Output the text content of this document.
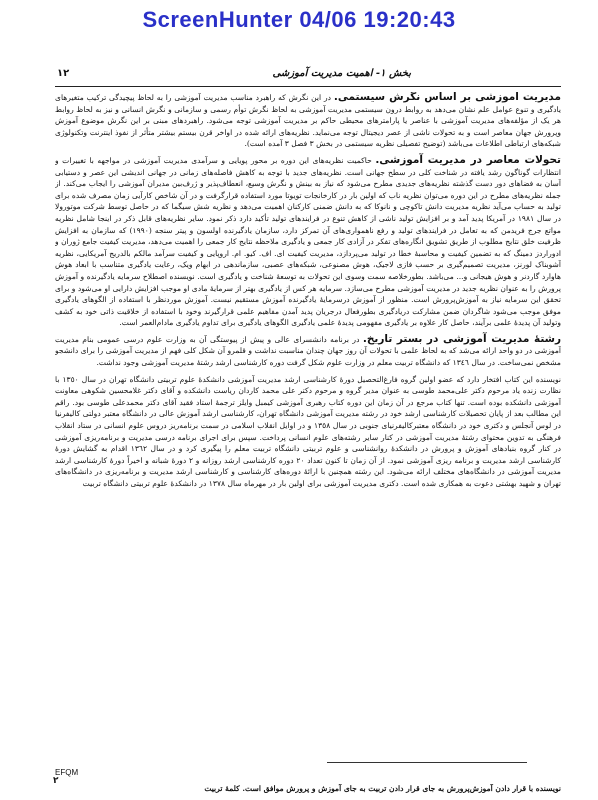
ScreenHunter 04/06 19:20:43
١٢	بخش ١- اهمیت مدیریت آموزشی

مدیریت آموزشی بر اساس نگرش سیستمی. در این نگرش که راهبرد مناسب مدیریت آموزشی را به لحاظ پیچیدگی ترکیب متغیرهای یادگیری و تنوع عوامل علم نشان می‌دهد به روابط درون سیستمی مدیریت آموزشی به لحاظ نگرش توأم رسمی و سازمانی و نگرش انسانی و نیز به لحاظ روابط هر یک از مؤلفه‌های مدیریت آموزشی با عناصر یا پارامترهای محیطی حاکم بر مدیریت آموزشی توجه می‌شود. راهبردهای مبنی بر این نگرش موضوع آموزش وپرورش جهان معاصر است و به تحولات ناشی از عصر دیجیتال توجه می‌نماید. نظریه‌های ارائه شده در اواخر قرن بیستم بیشتر متأثر از نفوذ اینترنت وتکنولوژی شبکه‌های ارتباطی اطلاعات می‌باشد (توضیح تفصیلی نظریه سیستمی در بخش ٣ فصل ٣ آمده است).

تحولات معاصر در مدیریت آموزشی. حاکمیت نظریه‌های این دوره بر محور پویایی و سرآمدی مدیریت آموزشی در مواجهه با تغییرات و انتظارات گوناگون رشد یافته در شناخت کلی در سطح جهانی است. نظریه‌های جدید با توجه به کاهش فاصله‌های زمانی در جهانی اندیشی این عصر و دستیابی آسان به فضاهای دور دست گذشته نظریه‌های جدیدی مطرح می‌شود که نیاز به بینش و نگرش وسیع، انعطاف‌پذیر و ژرف‌بین مدیران آموزشی را ایجاب می‌کند. از جمله نظریه‌های مطرح در این دوره می‌توان نظریه ناب که اولین بار در کارخانجات تویوتا مورد استفاده قرارگرفت و در آن شاخص کارآیی زمان مصرف شده برای تولید به حساب می‌آید نظریه مدیریت دانش تاکوچی و نانوکا که به دانش ضمنی کارکنان اهمیت می‌دهد و نظریه شش سیگما که در حاصل توسط شرکت موتورولا در سال ١٩٨١ در آمریکا پدید آمد و بر افزایش تولید ناشی از کاهش تنوع در فرایندهای تولید تأکید دارد ذکر نمود. سایر نظریه‌های قابل ذکر در اینجا شامل نظریه مواتع جرج فریدمن که به تعامل در فرایندهای تولید و رفع ناهمواری‌های آن تمرکز دارد، سازمان یادگیرنده اولسون و پیتر سنجه (١٩٩٠) که سازمان به افزایش ظرفیت خلق نتایج مطلوب از طریق تشویق انگاره‌های تفکر در آزادی کار جمعی و یادگیری ملاحظه نتایج کار جمعی را اهمیت می‌دهد، مدیریت کیفیت جامع ژوران و ادوراردز دمینگ که به تضمین کیفیت و محاسبهٔ خطا در تولید می‌پردازد، مدیریت کیفیت ای. اف. کیو. ام. اروپایی و کیفیت سرآمد مالکم بالدریج آمریکایی، نظریه آشوبناک لورنز، مدیریت تصمیم‌گیری بر حسب فازی لاجیک، هوش مصنوعی، شبکه‌های عصبی، سازماندهی در ابهام ویک، رعایت یادگیری متناسب با ابعاد هوش هاوارد گاردنر و هوش هیجانی و... می‌باشد. بطورخلاصه سمت وسوی این تحولات به توسعهٔ شناخت و یادگیری است. نویسنده اصطلاح سرمایه یادگیرنده و آموزش پرورش را به عنوان نظریه جدید در مدیریت آموزشی مطرح می‌سازد. سرمایه هر کس از یادگیری بهتر از سرمایهٔ مادی او موجب افزایش دارایی او می‌شود و برای تحقق این سرمایه نیاز به آموزش‌پرورش است. منظور از آموزش درسرمایهٔ یادگیرنده آموزش مستقیم نیست. آموزش موردنظر با استفاده از الگوهای یادگیری موفق موجب می‌شود شاگردان ضمن مشارکت دریادگیری بطورفعال درجریان پدید آمدن مفاهیم علمی قرارگیرند وخود با استفاده از خلاقیت ذاتی خود به کشف وتولید آن پدیدهٔ علمی برآیند، حاصل کار علاوه بر یادگیری مفهومی پدیدهٔ علمی یادگیری الگوهای یادگیری برای تداوم یادگیری مادام‌العمر است.

رشتهٔ مدیریت آموزشی در بستر تاریخ. در برنامه دانشسرای عالی و پیش از پیوستگی آن به وزارت علوم درسی عمومی بنام مدیریت آموزشی در دو واحد ارائه می‌شد که به لحاظ علمی با تحولات آن روز جهان چندان مناسبت نداشت و قلمرو آن شکل کلی فهم از مدیریت آموزشی را برای دانشجو مشخص نمی‌ساخت. در سال ١٣٤٦ که دانشگاه تربیت معلم در وزارت علوم شکل گرفت دوره کارشناسی ارشد رشتهٔ مدیریت آموزشی وجود نداشت.

نویسنده این کتاب افتخار دارد که عضو اولین گروه فارغ‌التحصیل دورهٔ کارشناسی ارشد مدیریت آموزشی دانشکدهٔ علوم تربیتی دانشگاه تهران در سال ١٣٥٠ با نظارت زنده یاد مرحوم دکتر علی‌محمد طوسی به عنوان مدیر گروه و مرحوم دکتر علی محمد کاردان ریاست دانشکده و آقای دکتر غلامحسین شکوهی معاونت آموزشی دانشکده بوده است. تنها کتاب مرجع در آن زمان این دوره کتاب رهبری آموزشی کیمبل وایلز ترجمهٔ استاد فقید آقای دکتر محمدعلی طوسی بود. راقم این مطالب بعد از پایان تحصیلات کارشناسی ارشد خود در رشته مدیریت آموزشی دانشگاه تهران، کارشناسی ارشد آموزش عالی در دانشگاه معتبر دولتی کالیفرنیا در لوس آنجلس و دکتری خود در دانشگاه معتبرکالیفرنیای جنوبی در سال ١٣٥٨ و در اوایل انقلاب اسلامی در سمت برنامه‌ریز دروس علوم انسانی در ستاد انقلاب فرهنگی به تدوین محتوای رشتهٔ مدیریت آموزشی در کنار سایر رشته‌های علوم انسانی پرداخت. سپس برای اجرای برنامه درسی مدیریت و برنامه‌ریزی آموزشی در کنار گروه بنیادهای آموزش و پرورش در دانشکدهٔ روانشناسی و علوم تربیتی دانشگاه تربیت معلم را پیگیری کرد و در سال ١٣٦٢ اقدام به گشایش دورهٔ کارشناسی ارشد مدیریت و برنامه ریزی آموزشی نمود. از آن زمان تا کنون تعداد ٢٠ دوره کارشناسی ارشد روزانه و ٢ دورهٔ شبانه و اخیراً دورهٔ کارشناسی ارشد مدیریت آموزشی در دانشگاه‌های مختلف ارائه می‌شود. این رشته همچنین با ارائهٔ دوره‌های کارشناسی و کارشناسی ارشد مدیریت و برنامه‌ریزی در دانشگاه‌های تهران و شهید بهشتی دعوت به همکاری شده است. دکتری مدیریت آموزشی برای اولین بار در مهرماه سال ١٣٧٨ در دانشکدهٔ علوم تربیتی دانشگاه تربیت

EFQM
٢
نویسنده با قرار دادن آموزش‌پرورش به جای قرار دادن تربیت به جای آموزش و پرورش موافق است. کلمهٔ تربیت
